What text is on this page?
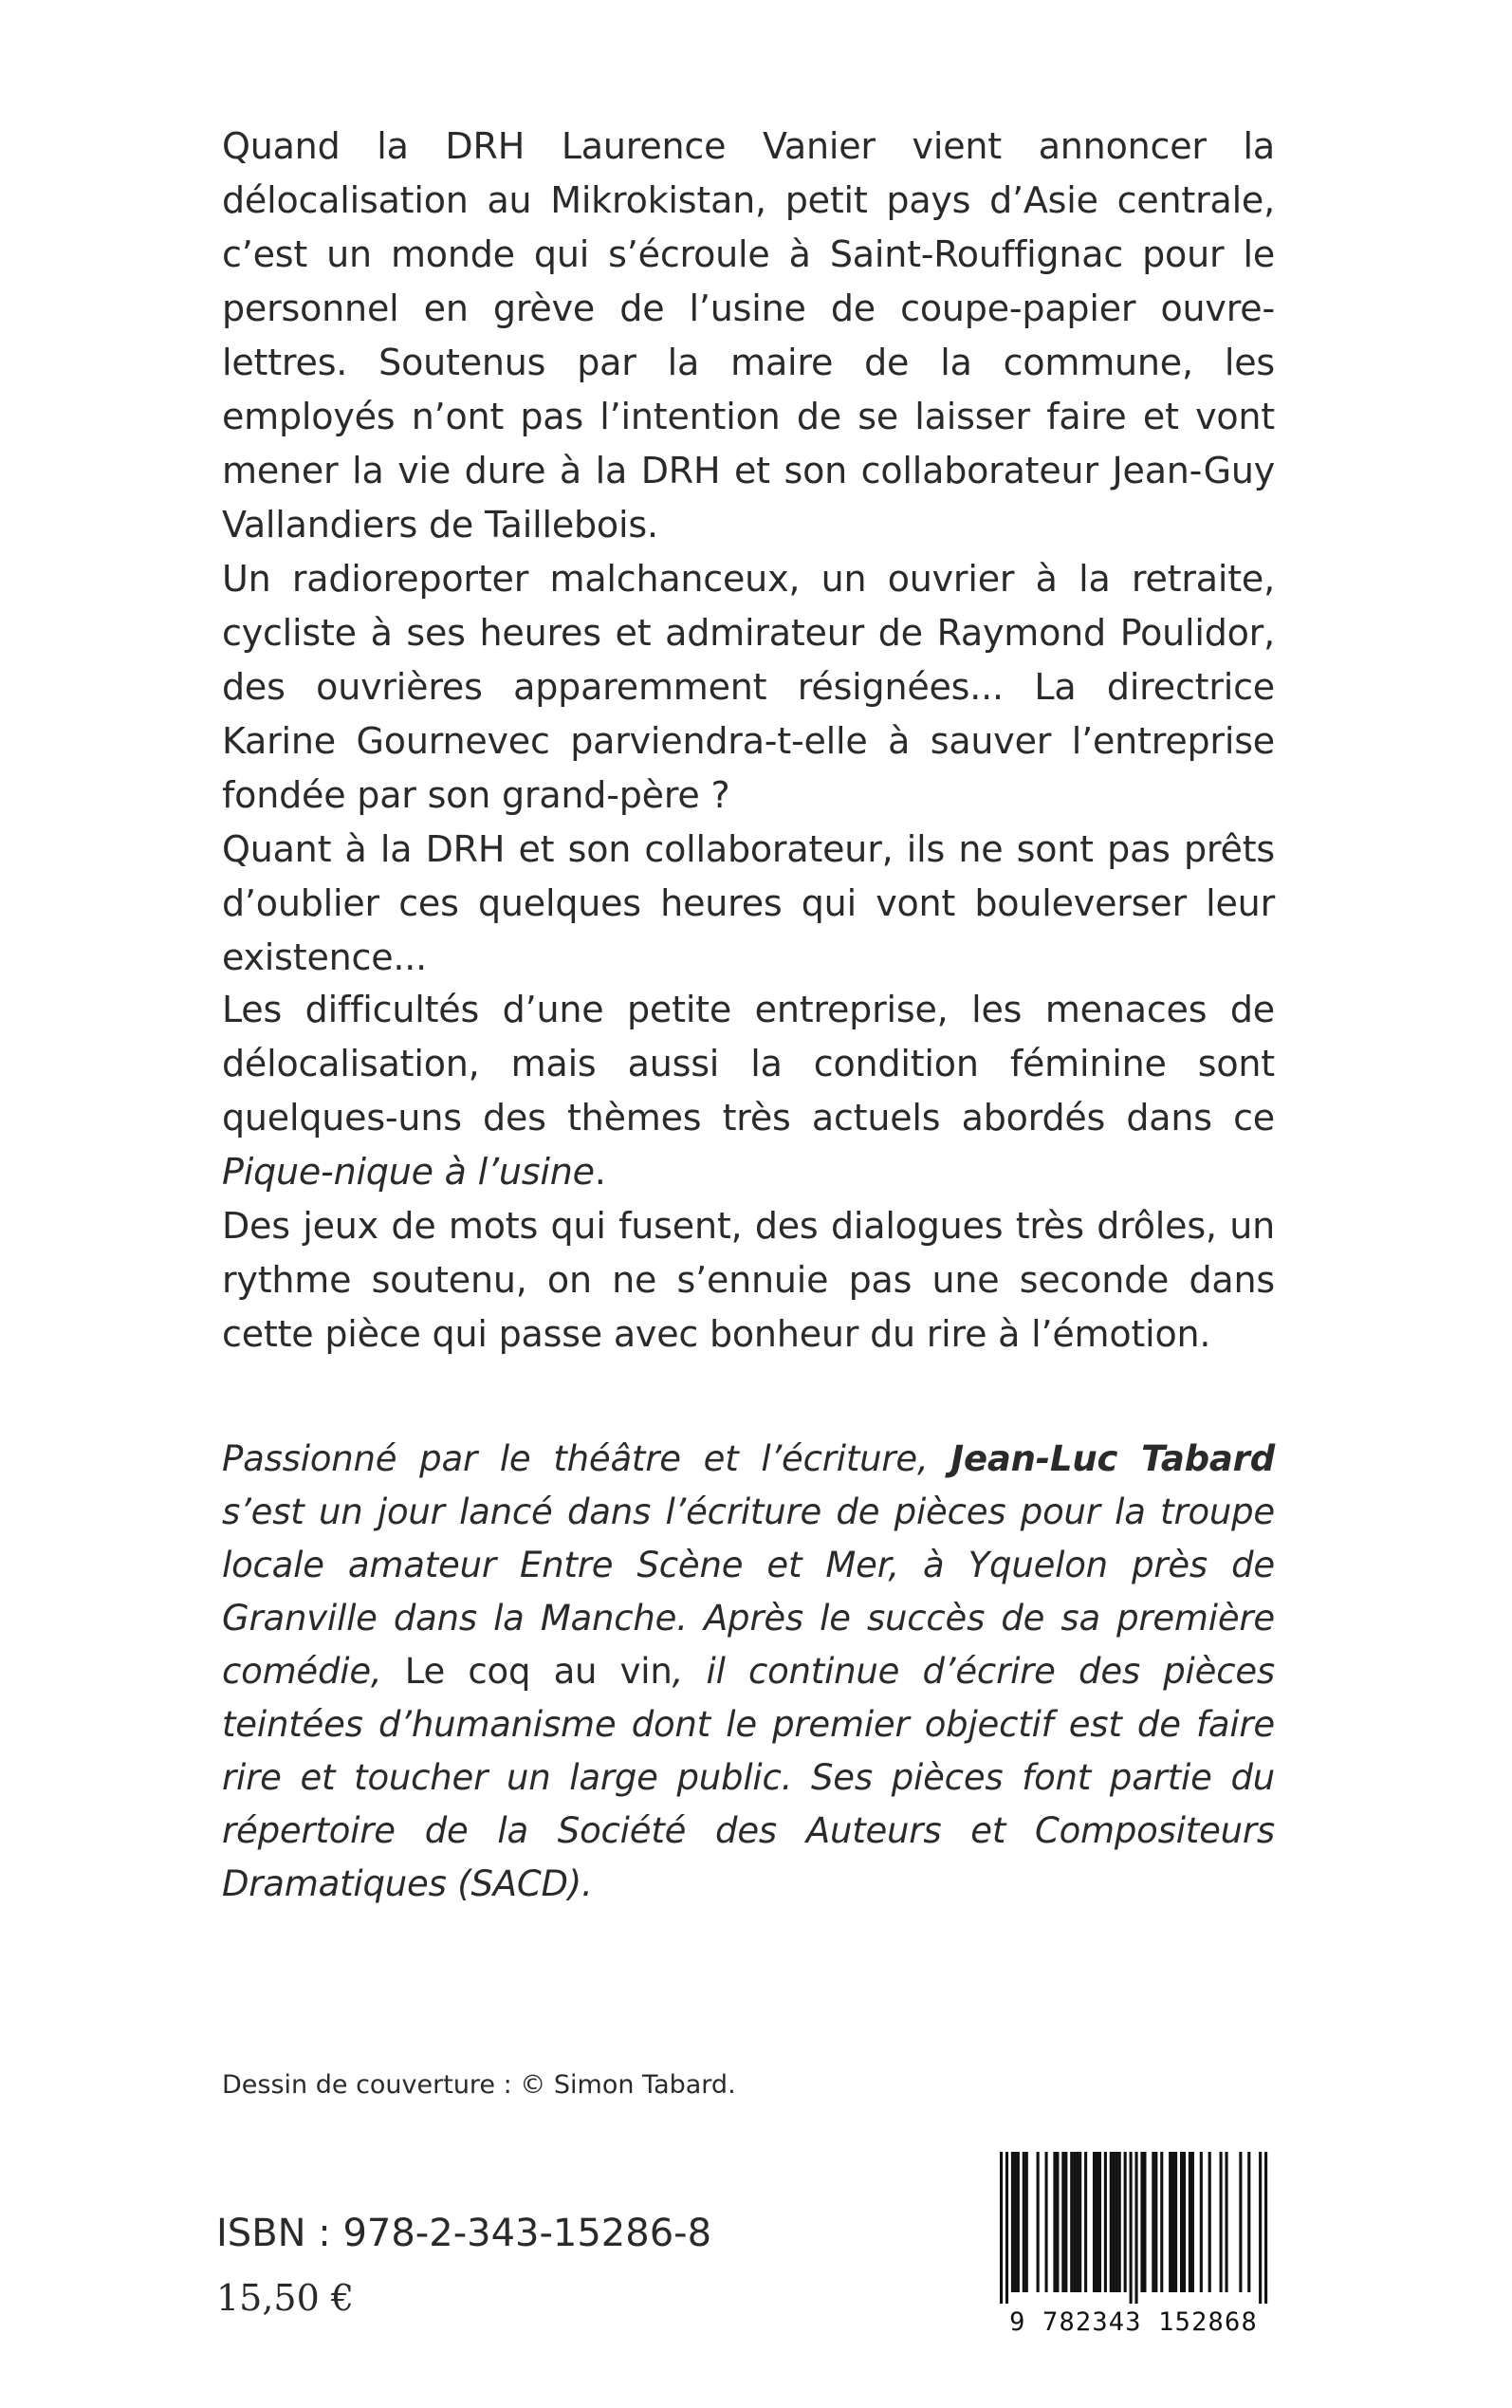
Quand la DRH Laurence Vanier vient annoncer la délocalisation au Mikrokistan, petit pays d’Asie centrale, c’est un monde qui s’écroule à Saint-Rouffignac pour le personnel en grève de l’usine de coupe-papier ouvre-lettres. Soutenus par la maire de la commune, les employés n’ont pas l’intention de se laisser faire et vont mener la vie dure à la DRH et son collaborateur Jean-Guy Vallandiers de Taillebois.

Un radioreporter malchanceux, un ouvrier à la retraite, cycliste à ses heures et admirateur de Raymond Poulidor, des ouvrières apparemment résignées... La directrice Karine Gournevec parviendra-t-elle à sauver l’entreprise fondée par son grand-père ?

Quant à la DRH et son collaborateur, ils ne sont pas prêts d’oublier ces quelques heures qui vont bouleverser leur existence...

Les difficultés d’une petite entreprise, les menaces de délocalisation, mais aussi la condition féminine sont quelques-uns des thèmes très actuels abordés dans ce Pique-nique à l’usine.

Des jeux de mots qui fusent, des dialogues très drôles, un rythme soutenu, on ne s’ennuie pas une seconde dans cette pièce qui passe avec bonheur du rire à l’émotion.

Passionné par le théâtre et l’écriture, Jean-Luc Tabard s’est un jour lancé dans l’écriture de pièces pour la troupe locale amateur Entre Scène et Mer, à Yquelon près de Granville dans la Manche. Après le succès de sa première comédie, Le coq au vin, il continue d’écrire des pièces teintées d’humanisme dont le premier objectif est de faire rire et toucher un large public. Ses pièces font partie du répertoire de la Société des Auteurs et Compositeurs Dramatiques (SACD).

Dessin de couverture : © Simon Tabard.
ISBN : 978-2-343-15286-8
15,50 €
9 782343 152868
